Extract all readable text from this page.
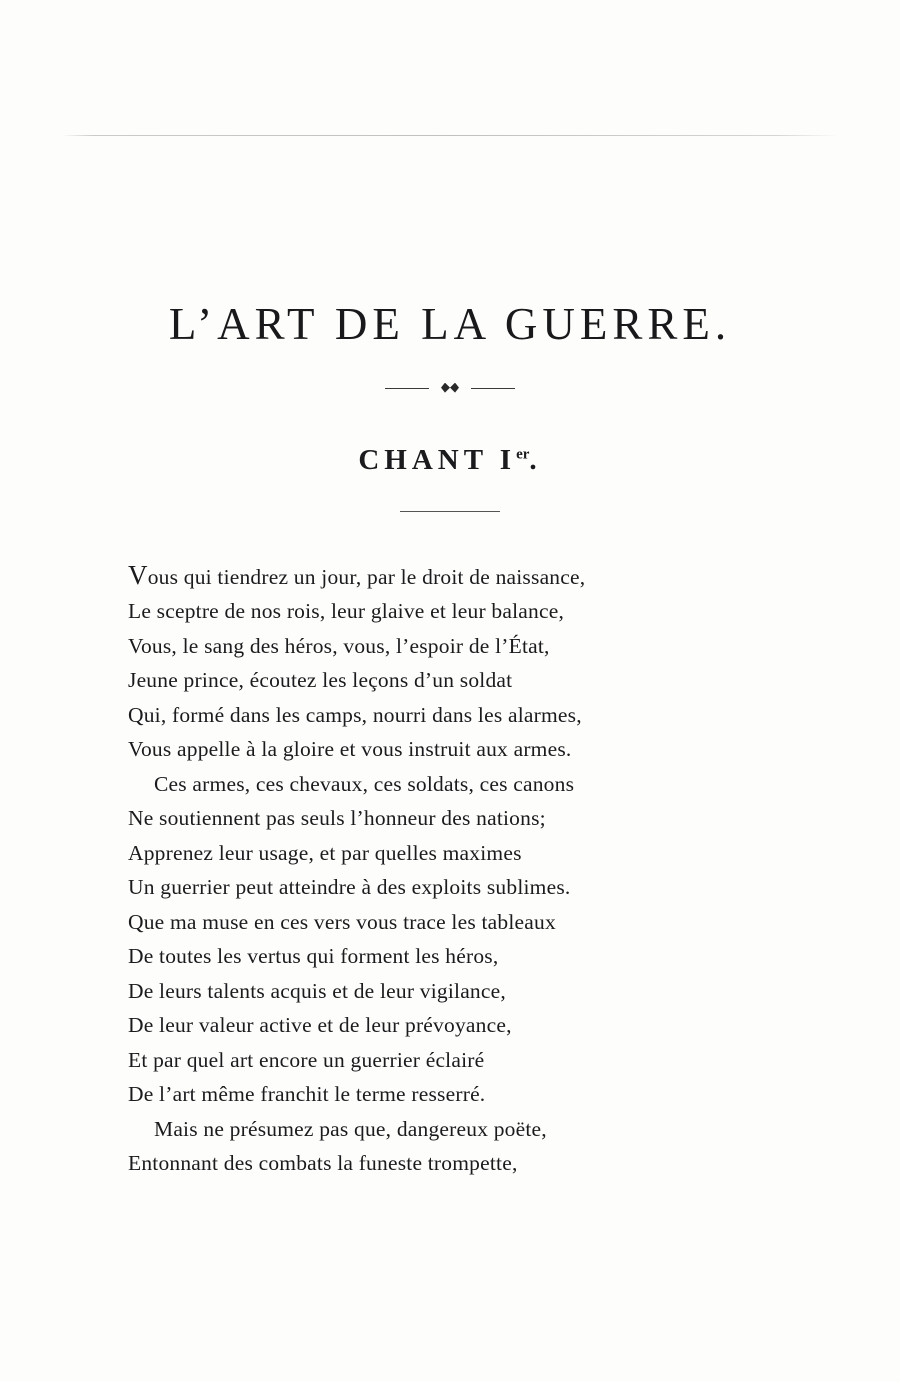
L’ART DE LA GUERRE.
CHANT Ier.
Vous qui tiendrez un jour, par le droit de naissance,
Le sceptre de nos rois, leur glaive et leur balance,
Vous, le sang des héros, vous, l’espoir de l’État,
Jeune prince, écoutez les leçons d’un soldat
Qui, formé dans les camps, nourri dans les alarmes,
Vous appelle à la gloire et vous instruit aux armes.
Ces armes, ces chevaux, ces soldats, ces canons
Ne soutiennent pas seuls l’honneur des nations;
Apprenez leur usage, et par quelles maximes
Un guerrier peut atteindre à des exploits sublimes.
Que ma muse en ces vers vous trace les tableaux
De toutes les vertus qui forment les héros,
De leurs talents acquis et de leur vigilance,
De leur valeur active et de leur prévoyance,
Et par quel art encore un guerrier éclairé
De l’art même franchit le terme resserré.
Mais ne présumez pas que, dangereux poëte,
Entonnant des combats la funeste trompette,
